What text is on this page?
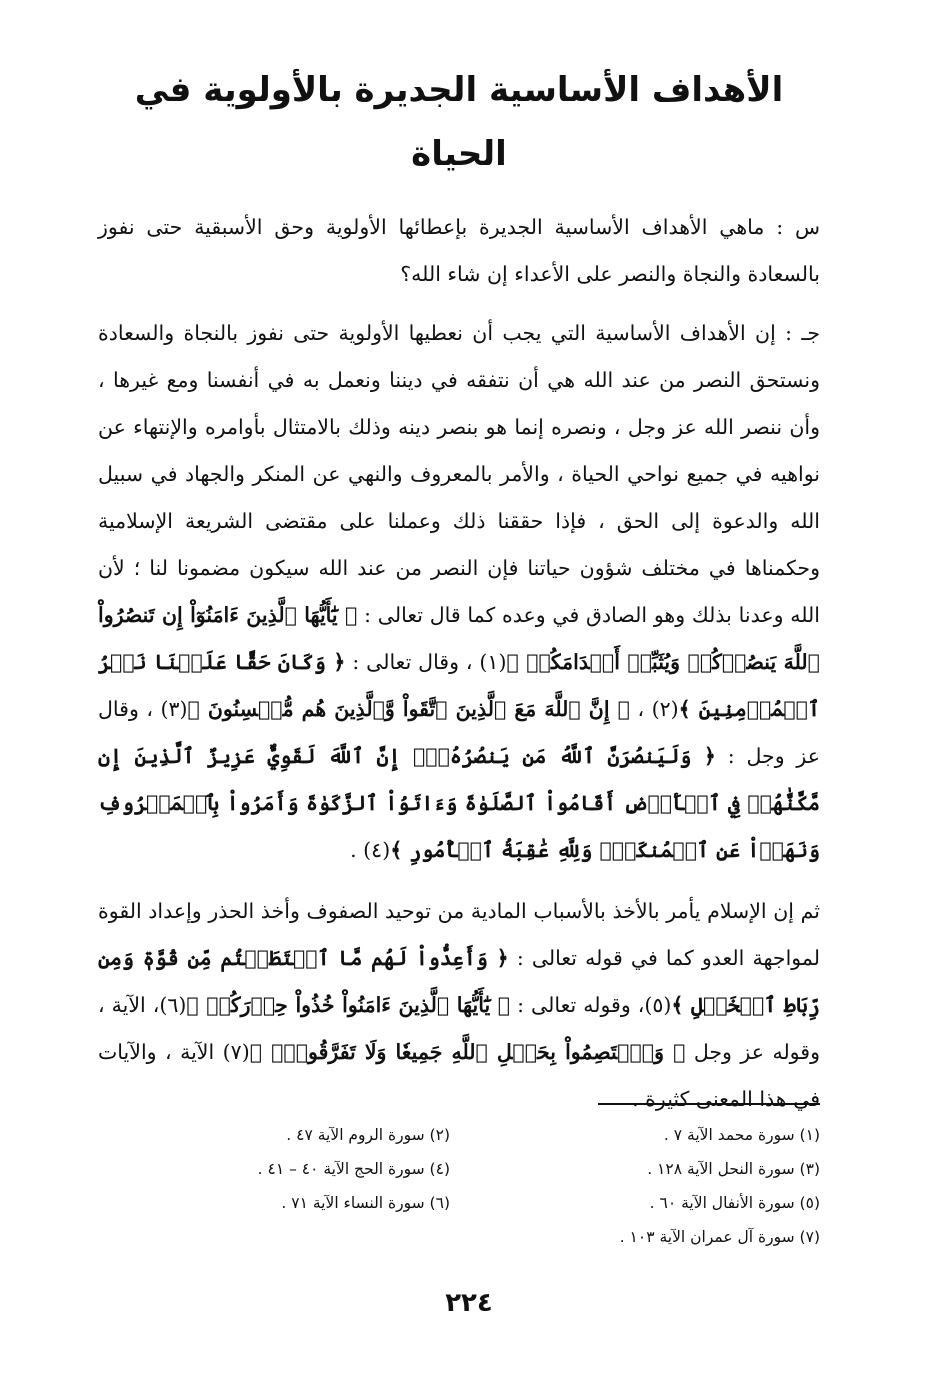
الأهداف الأساسية الجديرة بالأولوية في الحياة

س : ماهي الأهداف الأساسية الجديرة بإعطائها الأولوية وحق الأسبقية حتى نفوز بالسعادة والنجاة والنصر على الأعداء إن شاء الله؟

جـ : إن الأهداف الأساسية التي يجب أن نعطيها الأولوية حتى نفوز بالنجاة والسعادة ونستحق النصر من عند الله هي أن نتفقه في ديننا ونعمل به في أنفسنا ومع غيرها ، وأن ننصر الله عز وجل ، ونصره إنما هو بنصر دينه وذلك بالامتثال بأوامره والإنتهاء عن نواهيه في جميع نواحي الحياة ، والأمر بالمعروف والنهي عن المنكر والجهاد في سبيل الله والدعوة إلى الحق ، فإذا حققنا ذلك وعملنا على مقتضى الشريعة الإسلامية وحكمناها في مختلف شؤون حياتنا فإن النصر من عند الله سيكون مضمونا لنا ؛ لأن الله وعدنا بذلك وهو الصادق في وعده كما قال تعالى : ﴿ يَٰٓأَيُّهَا ٱلَّذِينَ ءَامَنُوٓاْ إِن تَنصُرُواْ ٱللَّهَ يَنصُرۡكُمۡ وَيُثَبِّتۡ أَقۡدَامَكُمۡ ﴾(١) ، وقال تعالى : ﴿ وَكَانَ حَقًّا عَلَيۡنَا نَصۡرُ ٱلۡمُؤۡمِنِينَ ﴾(٢) ، ﴿ إِنَّ ٱللَّهَ مَعَ ٱلَّذِينَ ٱتَّقَواْ وَّٱلَّذِينَ هُم مُّحۡسِنُونَ ﴾(٣) ، وقال عز وجل : ﴿ وَلَيَنصُرَنَّ ٱللَّهُ مَن يَنصُرُهُۥٓۚ إِنَّ ٱللَّهَ لَقَوِيٌّ عَزِيزٌ ٱلَّذِينَ إِن مَّكَّنَّٰهُمۡ فِي ٱلۡأَرۡضِ أَقَامُواْ ٱلصَّلَوٰةَ وَءَاتَوُاْ ٱلزَّكَوٰةَ وَأَمَرُواْ بِٱلۡمَعۡرُوفِ وَنَهَوۡاْ عَنِ ٱلۡمُنكَرِۗ وَلِلَّهِ عَٰقِبَةُ ٱلۡأُمُورِ ﴾(٤) .

ثم إن الإسلام يأمر بالأخذ بالأسباب المادية من توحيد الصفوف وأخذ الحذر وإعداد القوة لمواجهة العدو كما في قوله تعالى : ﴿ وَأَعِدُّواْ لَهُم مَّا ٱسۡتَطَعۡتُم مِّن قُوَّةٖ وَمِن رِّبَاطِ ٱلۡخَيۡلِ ﴾(٥)، وقوله تعالى : ﴿ يَٰٓأَيُّهَا ٱلَّذِينَ ءَامَنُواْ خُذُواْ حِذۡرَكُمۡ ﴾(٦)، الآية ، وقوله عز وجل ﴿ وَٱعۡتَصِمُواْ بِحَبۡلِ ٱللَّهِ جَمِيعٗا وَلَا تَفَرَّقُواْۚ ﴾(٧) الآية ، والآيات في هذا المعنى كثيرة .

(١) سورة محمد الآية ٧ .
(٢) سورة الروم الآية ٤٧ .
(٣) سورة النحل الآية ١٢٨ .
(٤) سورة الحج الآية ٤٠ – ٤١ .
(٥) سورة الأنفال الآية ٦٠ .
(٦) سورة النساء الآية ٧١ .
(٧) سورة آل عمران الآية ١٠٣ .
٢٢٤
